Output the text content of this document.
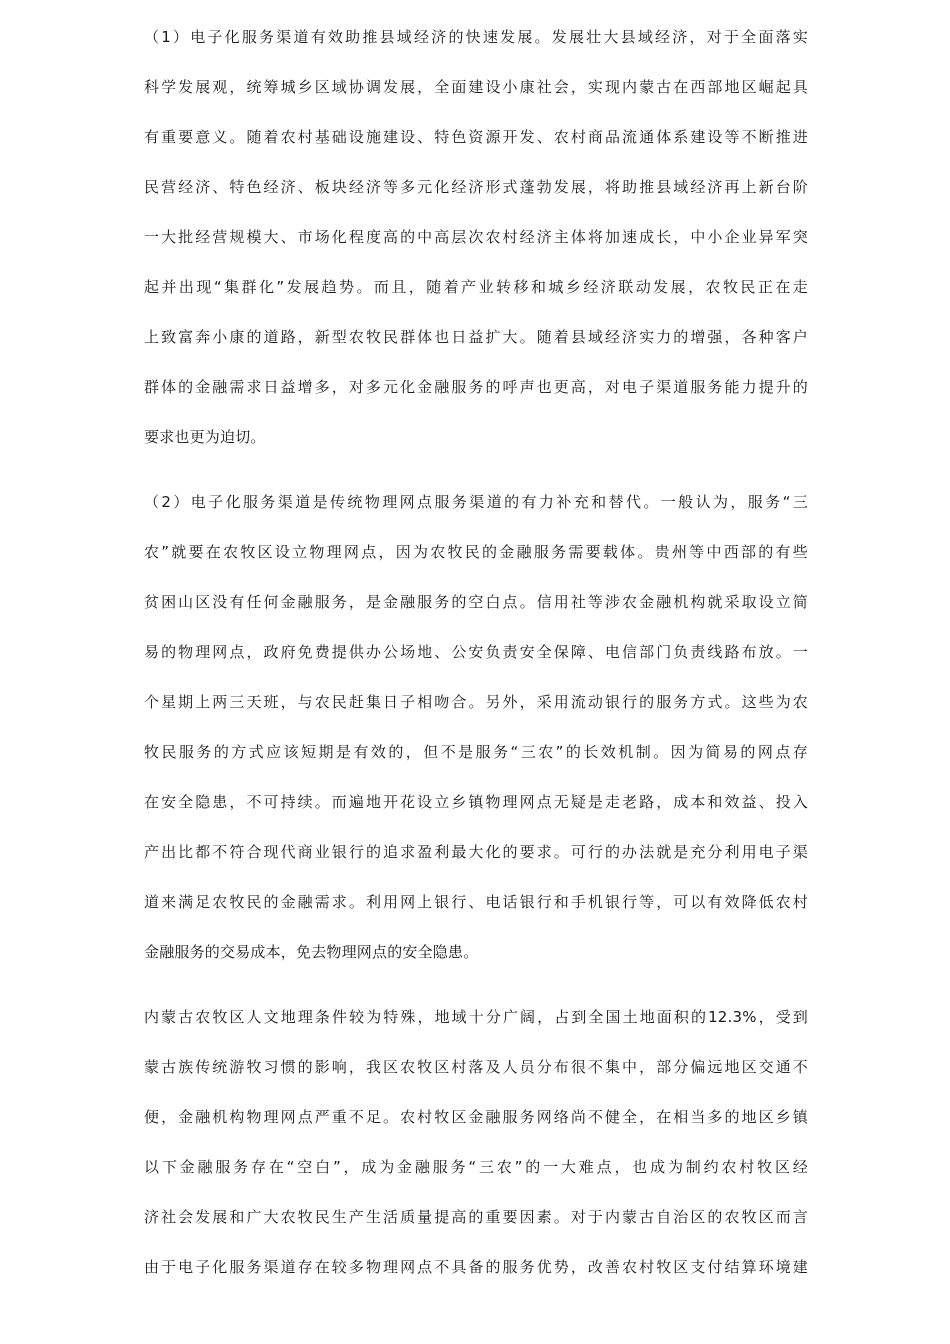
（1）电子化服务渠道有效助推县域经济的快速发展。发展壮大县域经济，对于全面落实
科学发展观，统筹城乡区域协调发展，全面建设小康社会，实现内蒙古在西部地区崛起具
有重要意义。随着农村基础设施建设、特色资源开发、农村商品流通体系建设等不断推进
民营经济、特色经济、板块经济等多元化经济形式蓬勃发展，将助推县域经济再上新台阶
一大批经营规模大、市场化程度高的中高层次农村经济主体将加速成长，中小企业异军突
起并出现“集群化”发展趋势。而且，随着产业转移和城乡经济联动发展，农牧民正在走
上致富奔小康的道路，新型农牧民群体也日益扩大。随着县域经济实力的增强，各种客户
群体的金融需求日益增多，对多元化金融服务的呼声也更高，对电子渠道服务能力提升的
要求也更为迫切。
（2）电子化服务渠道是传统物理网点服务渠道的有力补充和替代。一般认为，服务“三
农”就要在农牧区设立物理网点，因为农牧民的金融服务需要载体。贵州等中西部的有些
贫困山区没有任何金融服务，是金融服务的空白点。信用社等涉农金融机构就采取设立简
易的物理网点，政府免费提供办公场地、公安负责安全保障、电信部门负责线路布放。一
个星期上两三天班，与农民赶集日子相吻合。另外，采用流动银行的服务方式。这些为农
牧民服务的方式应该短期是有效的，但不是服务“三农”的长效机制。因为简易的网点存
在安全隐患，不可持续。而遍地开花设立乡镇物理网点无疑是走老路，成本和效益、投入
产出比都不符合现代商业银行的追求盈利最大化的要求。可行的办法就是充分利用电子渠
道来满足农牧民的金融需求。利用网上银行、电话银行和手机银行等，可以有效降低农村
金融服务的交易成本，免去物理网点的安全隐患。
内蒙古农牧区人文地理条件较为特殊，地域十分广阔，占到全国土地面积的12.3%，受到
蒙古族传统游牧习惯的影响，我区农牧区村落及人员分布很不集中，部分偏远地区交通不
便，金融机构物理网点严重不足。农村牧区金融服务网络尚不健全，在相当多的地区乡镇
以下金融服务存在“空白”，成为金融服务“三农”的一大难点，也成为制约农村牧区经
济社会发展和广大农牧民生产生活质量提高的重要因素。对于内蒙古自治区的农牧区而言
由于电子化服务渠道存在较多物理网点不具备的服务优势，改善农村牧区支付结算环境建
